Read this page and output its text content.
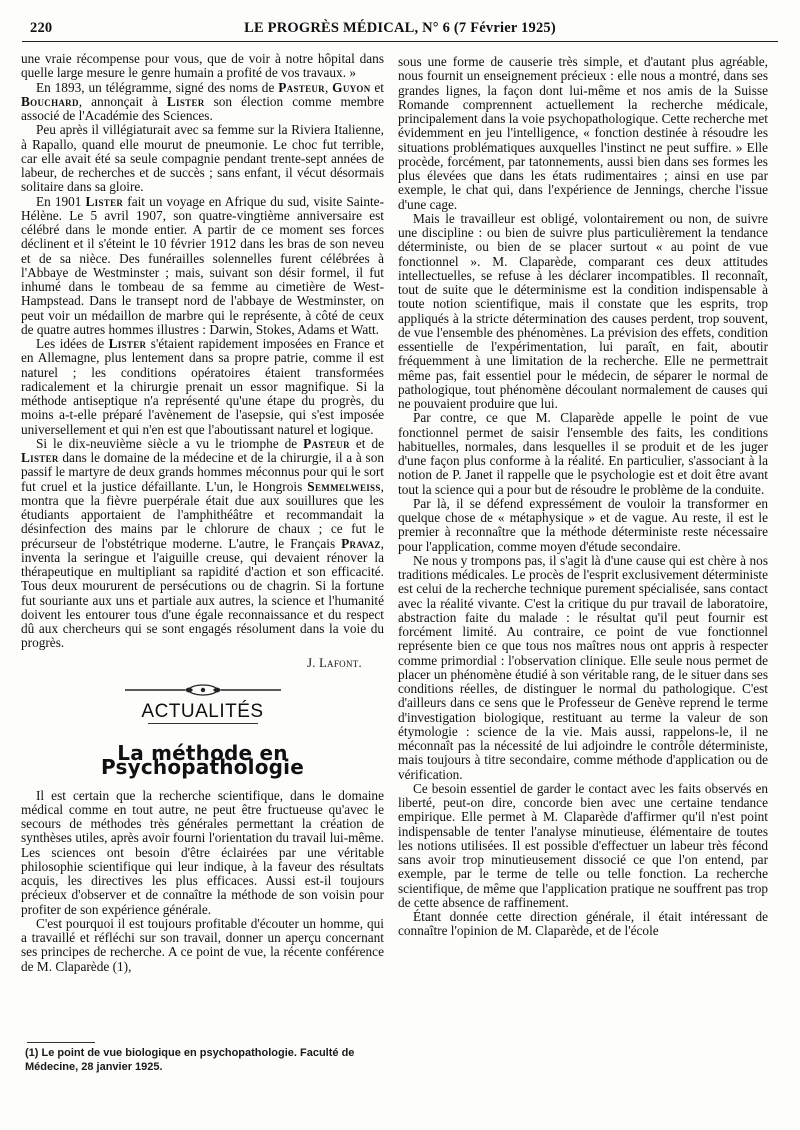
220	LE PROGRÈS MÉDICAL, N° 6 (7 Février 1925)

une vraie récompense pour vous, que de voir à notre hôpital dans quelle large mesure le genre humain a profité de vos travaux. »

En 1893, un télégramme, signé des noms de Pasteur, Guyon et Bouchard, annonçait à Lister son élection comme membre associé de l'Académie des Sciences.

Peu après il villégiaturait avec sa femme sur la Riviera Italienne, à Rapallo, quand elle mourut de pneumonie. Le choc fut terrible, car elle avait été sa seule compagnie pendant trente-sept années de labeur, de recherches et de succès ; sans enfant, il vécut désormais solitaire dans sa gloire.

En 1901 Lister fait un voyage en Afrique du sud, visite Sainte-Hélène. Le 5 avril 1907, son quatre-vingtième anniversaire est célébré dans le monde entier. A partir de ce moment ses forces déclinent et il s'éteint le 10 février 1912 dans les bras de son neveu et de sa nièce. Des funérailles solennelles furent célébrées à l'Abbaye de Westminster ; mais, suivant son désir formel, il fut inhumé dans le tombeau de sa femme au cimetière de West-Hampstead. Dans le transept nord de l'abbaye de Westminster, on peut voir un médaillon de marbre qui le représente, à côté de ceux de quatre autres hommes illustres : Darwin, Stokes, Adams et Watt.

Les idées de Lister s'étaient rapidement imposées en France et en Allemagne, plus lentement dans sa propre patrie, comme il est naturel ; les conditions opératoires étaient transformées radicalement et la chirurgie prenait un essor magnifique. Si la méthode antiseptique n'a représenté qu'une étape du progrès, du moins a-t-elle préparé l'avènement de l'asepsie, qui s'est imposée universellement et qui n'en est que l'aboutissant naturel et logique.

Si le dix-neuvième siècle a vu le triomphe de Pasteur et de Lister dans le domaine de la médecine et de la chirurgie, il a à son passif le martyre de deux grands hommes méconnus pour qui le sort fut cruel et la justice défaillante. L'un, le Hongrois Semmelweiss, montra que la fièvre puerpérale était due aux souillures que les étudiants apportaient de l'amphithéâtre et recommandait la désinfection des mains par le chlorure de chaux ; ce fut le précurseur de l'obstétrique moderne. L'autre, le Français Pravaz, inventa la seringue et l'aiguille creuse, qui devaient rénover la thérapeutique en multipliant sa rapidité d'action et son efficacité. Tous deux moururent de persécutions ou de chagrin. Si la fortune fut souriante aux uns et partiale aux autres, la science et l'humanité doivent les entourer tous d'une égale reconnaissance et du respect dû aux chercheurs qui se sont engagés résolument dans la voie du progrès.

J. Lafont.
ACTUALITÉS
La méthode en Psychopathologie

Il est certain que la recherche scientifique, dans le domaine médical comme en tout autre, ne peut être fructueuse qu'avec le secours de méthodes très générales permettant la création de synthèses utiles, après avoir fourni l'orientation du travail lui-même. Les sciences ont besoin d'être éclairées par une véritable philosophie scientifique qui leur indique, à la faveur des résultats acquis, les directives les plus efficaces. Aussi est-il toujours précieux d'observer et de connaître la méthode de son voisin pour profiter de son expérience générale.

C'est pourquoi il est toujours profitable d'écouter un homme, qui a travaillé et réfléchi sur son travail, donner un aperçu concernant ses principes de recherche. A ce point de vue, la récente conférence de M. Claparède (1),

sous une forme de causerie très simple, et d'autant plus agréable, nous fournit un enseignement précieux : elle nous a montré, dans ses grandes lignes, la façon dont lui-même et nos amis de la Suisse Romande comprennent actuellement la recherche médicale, principalement dans la voie psychopathologique. Cette recherche met évidemment en jeu l'intelligence, « fonction destinée à résoudre les situations problématiques auxquelles l'instinct ne peut suffire. » Elle procède, forcément, par tatonnements, aussi bien dans ses formes les plus élevées que dans les états rudimentaires ; ainsi en use par exemple, le chat qui, dans l'expérience de Jennings, cherche l'issue d'une cage.

Mais le travailleur est obligé, volontairement ou non, de suivre une discipline : ou bien de suivre plus particulièrement la tendance déterministe, ou bien de se placer surtout « au point de vue fonctionnel ». M. Claparède, comparant ces deux attitudes intellectuelles, se refuse à les déclarer incompatibles. Il reconnaît, tout de suite que le déterminisme est la condition indispensable à toute notion scientifique, mais il constate que les esprits, trop appliqués à la stricte détermination des causes perdent, trop souvent, de vue l'ensemble des phénomènes. La prévision des effets, condition essentielle de l'expérimentation, lui paraît, en fait, aboutir fréquemment à une limitation de la recherche. Elle ne permettrait même pas, fait essentiel pour le médecin, de séparer le normal de pathologique, tout phénomène découlant normalement de causes qui ne pouvaient produire que lui.

Par contre, ce que M. Claparède appelle le point de vue fonctionnel permet de saisir l'ensemble des faits, les conditions habituelles, normales, dans lesquelles il se produit et de les juger d'une façon plus conforme à la réalité. En particulier, s'associant à la notion de P. Janet il rappelle que le psychologie est et doit être avant tout la science qui a pour but de résoudre le problème de la conduite.

Par là, il se défend expressément de vouloir la transformer en quelque chose de « métaphysique » et de vague. Au reste, il est le premier à reconnaître que la méthode déterministe reste nécessaire pour l'application, comme moyen d'étude secondaire.

Ne nous y trompons pas, il s'agit là d'une cause qui est chère à nos traditions médicales. Le procès de l'esprit exclusivement déterministe est celui de la recherche technique purement spécialisée, sans contact avec la réalité vivante. C'est la critique du pur travail de laboratoire, abstraction faite du malade : le résultat qu'il peut fournir est forcément limité. Au contraire, ce point de vue fonctionnel représente bien ce que tous nos maîtres nous ont appris à respecter comme primordial : l'observation clinique. Elle seule nous permet de placer un phénomène étudié à son véritable rang, de le situer dans ses conditions réelles, de distinguer le normal du pathologique. C'est d'ailleurs dans ce sens que le Professeur de Genève reprend le terme d'investigation biologique, restituant au terme la valeur de son étymologie : science de la vie. Mais aussi, rappelons-le, il ne méconnaît pas la nécessité de lui adjoindre le contrôle déterministe, mais toujours à titre secondaire, comme méthode d'application ou de vérification.

Ce besoin essentiel de garder le contact avec les faits observés en liberté, peut-on dire, concorde bien avec une certaine tendance empirique. Elle permet à M. Claparède d'affirmer qu'il n'est point indispensable de tenter l'analyse minutieuse, élémentaire de toutes les notions utilisées. Il est possible d'effectuer un labeur très fécond sans avoir trop minutieusement dissocié ce que l'on entend, par exemple, par le terme de telle ou telle fonction. La recherche scientifique, de même que l'application pratique ne souffrent pas trop de cette absence de raffinement.

Étant donnée cette direction générale, il était intéressant de connaître l'opinion de M. Claparède, et de l'école

(1) Le point de vue biologique en psychopathologie. Faculté de Médecine, 28 janvier 1925.
